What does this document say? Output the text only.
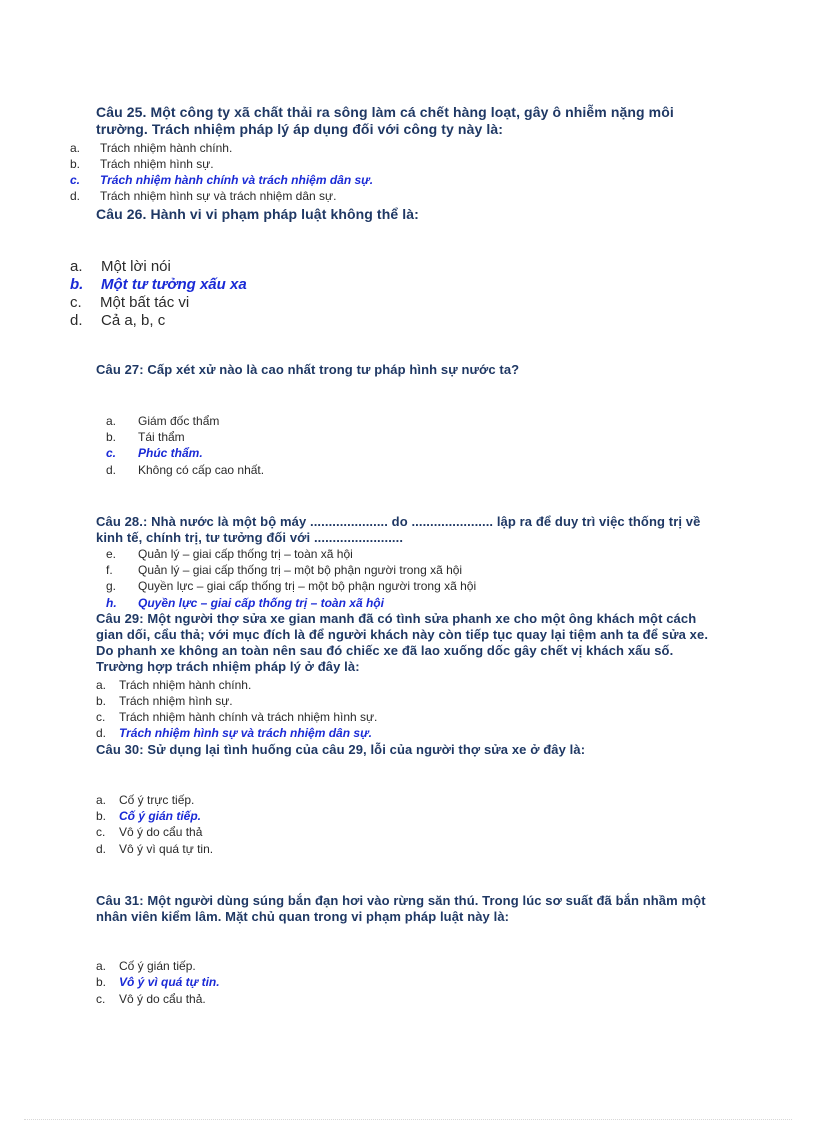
Câu 25. Một công ty xã chất thải ra sông làm cá chết hàng loạt, gây ô nhiễm nặng môi trường. Trách nhiệm pháp lý áp dụng đối với công ty này là:
a. Trách nhiệm hành chính.
b. Trách nhiệm hình sự.
c. Trách nhiệm hành chính và trách nhiệm dân sự.
d. Trách nhiệm hình sự và trách nhiệm dân sự.
Câu 26. Hành vi vi phạm pháp luật không thể là:
a. Một lời nói
b. Một tư tưởng xấu xa
c. Một bất tác vi
d. Cả a, b, c
Câu 27: Cấp xét xử nào là cao nhất trong tư pháp hình sự nước ta?
a. Giám đốc thẩm
b. Tái thẩm
c. Phúc thẩm.
d. Không có cấp cao nhất.
Câu 28.: Nhà nước là một bộ máy ..................... do ...................... lập ra để duy trì việc thống trị về kinh tế, chính trị, tư tưởng đối với ........................
e. Quản lý – giai cấp thống trị – toàn xã hội
f. Quản lý – giai cấp thống trị – một bộ phận người trong xã hội
g. Quyền lực – giai cấp thống trị – một bộ phận người trong xã hội
h. Quyền lực – giai cấp thống trị – toàn xã hội
Câu 29: Một người thợ sửa xe gian manh đã có tình sửa phanh xe cho một ông khách một cách gian dối, cẩu thả; với mục đích là để người khách này còn tiếp tục quay lại tiệm anh ta để sửa xe. Do phanh xe không an toàn nên sau đó chiếc xe đã lao xuống dốc gây chết vị khách xấu số. Trường hợp trách nhiệm pháp lý ở đây là:
a. Trách nhiệm hành chính.
b. Trách nhiệm hình sự.
c. Trách nhiệm hành chính và trách nhiệm hình sự.
d. Trách nhiệm hình sự và trách nhiệm dân sự.
Câu 30: Sử dụng lại tình huống của câu 29, lỗi của người thợ sửa xe ở đây là:
a. Cố ý trực tiếp.
b. Cố ý gián tiếp.
c. Vô ý do cẩu thả
d. Vô ý vì quá tự tin.
Câu 31: Một người dùng súng bắn đạn hơi vào rừng săn thú. Trong lúc sơ suất đã bắn nhầm một nhân viên kiểm lâm. Mặt chủ quan trong vi phạm pháp luật này là:
a. Cố ý gián tiếp.
b. Vô ý vì quá tự tin.
c. Vô ý do cẩu thả.
